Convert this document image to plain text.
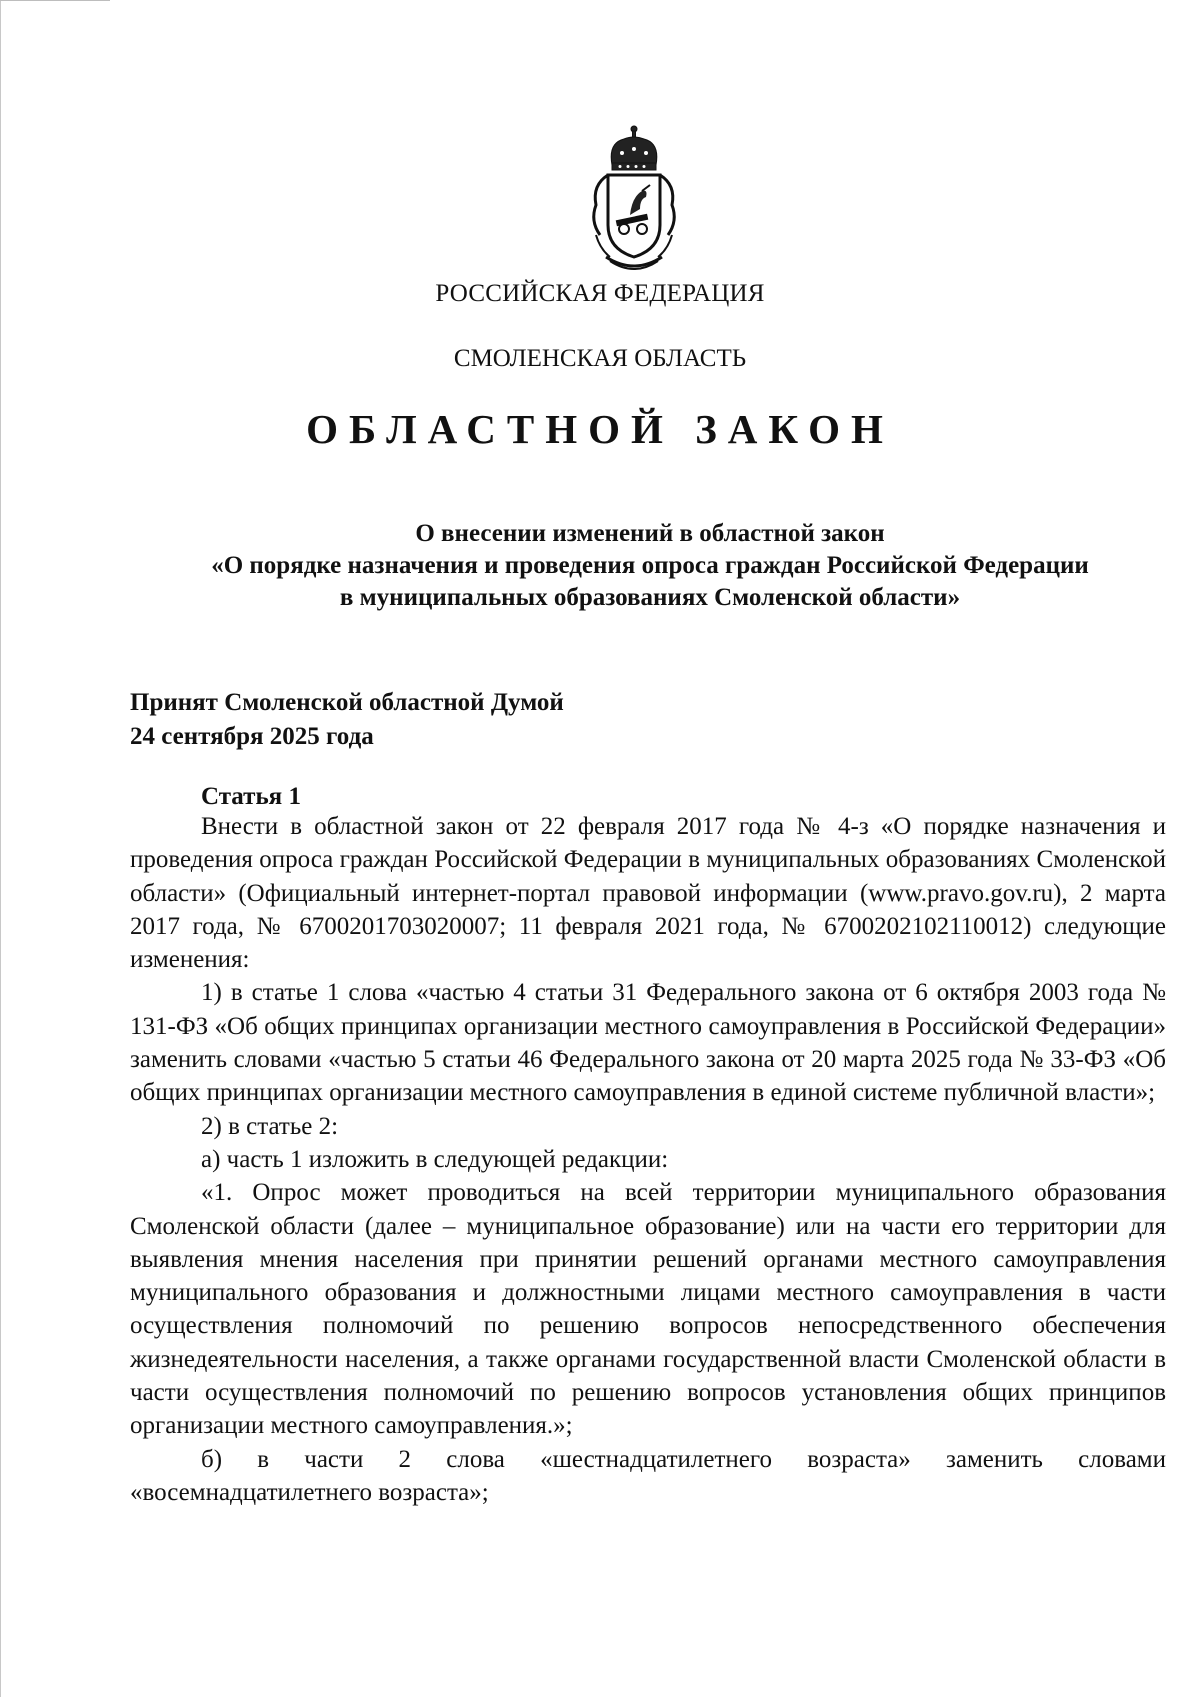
РОССИЙСКАЯ ФЕДЕРАЦИЯ
СМОЛЕНСКАЯ ОБЛАСТЬ
ОБЛАСТНОЙ ЗАКОН
О внесении изменений в областной закон
«О порядке назначения и проведения опроса граждан Российской Федерации
в муниципальных образованиях Смоленской области»
Принят Смоленской областной Думой
24 сентября 2025 года
Статья 1

Внести в областной закон от 22 февраля 2017 года № 4-з «О порядке назначения и проведения опроса граждан Российской Федерации в муниципальных образованиях Смоленской области» (Официальный интернет-портал правовой информации (www.pravo.gov.ru), 2 марта 2017 года, № 6700201703020007; 11 февраля 2021 года, № 6700202102110012) следующие изменения:

1) в статье 1 слова «частью 4 статьи 31 Федерального закона от 6 октября 2003 года № 131-ФЗ «Об общих принципах организации местного самоуправления в Российской Федерации» заменить словами «частью 5 статьи 46 Федерального закона от 20 марта 2025 года № 33-ФЗ «Об общих принципах организации местного самоуправления в единой системе публичной власти»;

2) в статье 2:

а) часть 1 изложить в следующей редакции:

«1. Опрос может проводиться на всей территории муниципального образования Смоленской области (далее – муниципальное образование) или на части его территории для выявления мнения населения при принятии решений органами местного самоуправления муниципального образования и должностными лицами местного самоуправления в части осуществления полномочий по решению вопросов непосредственного обеспечения жизнедеятельности населения, а также органами государственной власти Смоленской области в части осуществления полномочий по решению вопросов установления общих принципов организации местного самоуправления.»;

б) в части 2 слова «шестнадцатилетнего возраста» заменить словами «восемнадцатилетнего возраста»;
